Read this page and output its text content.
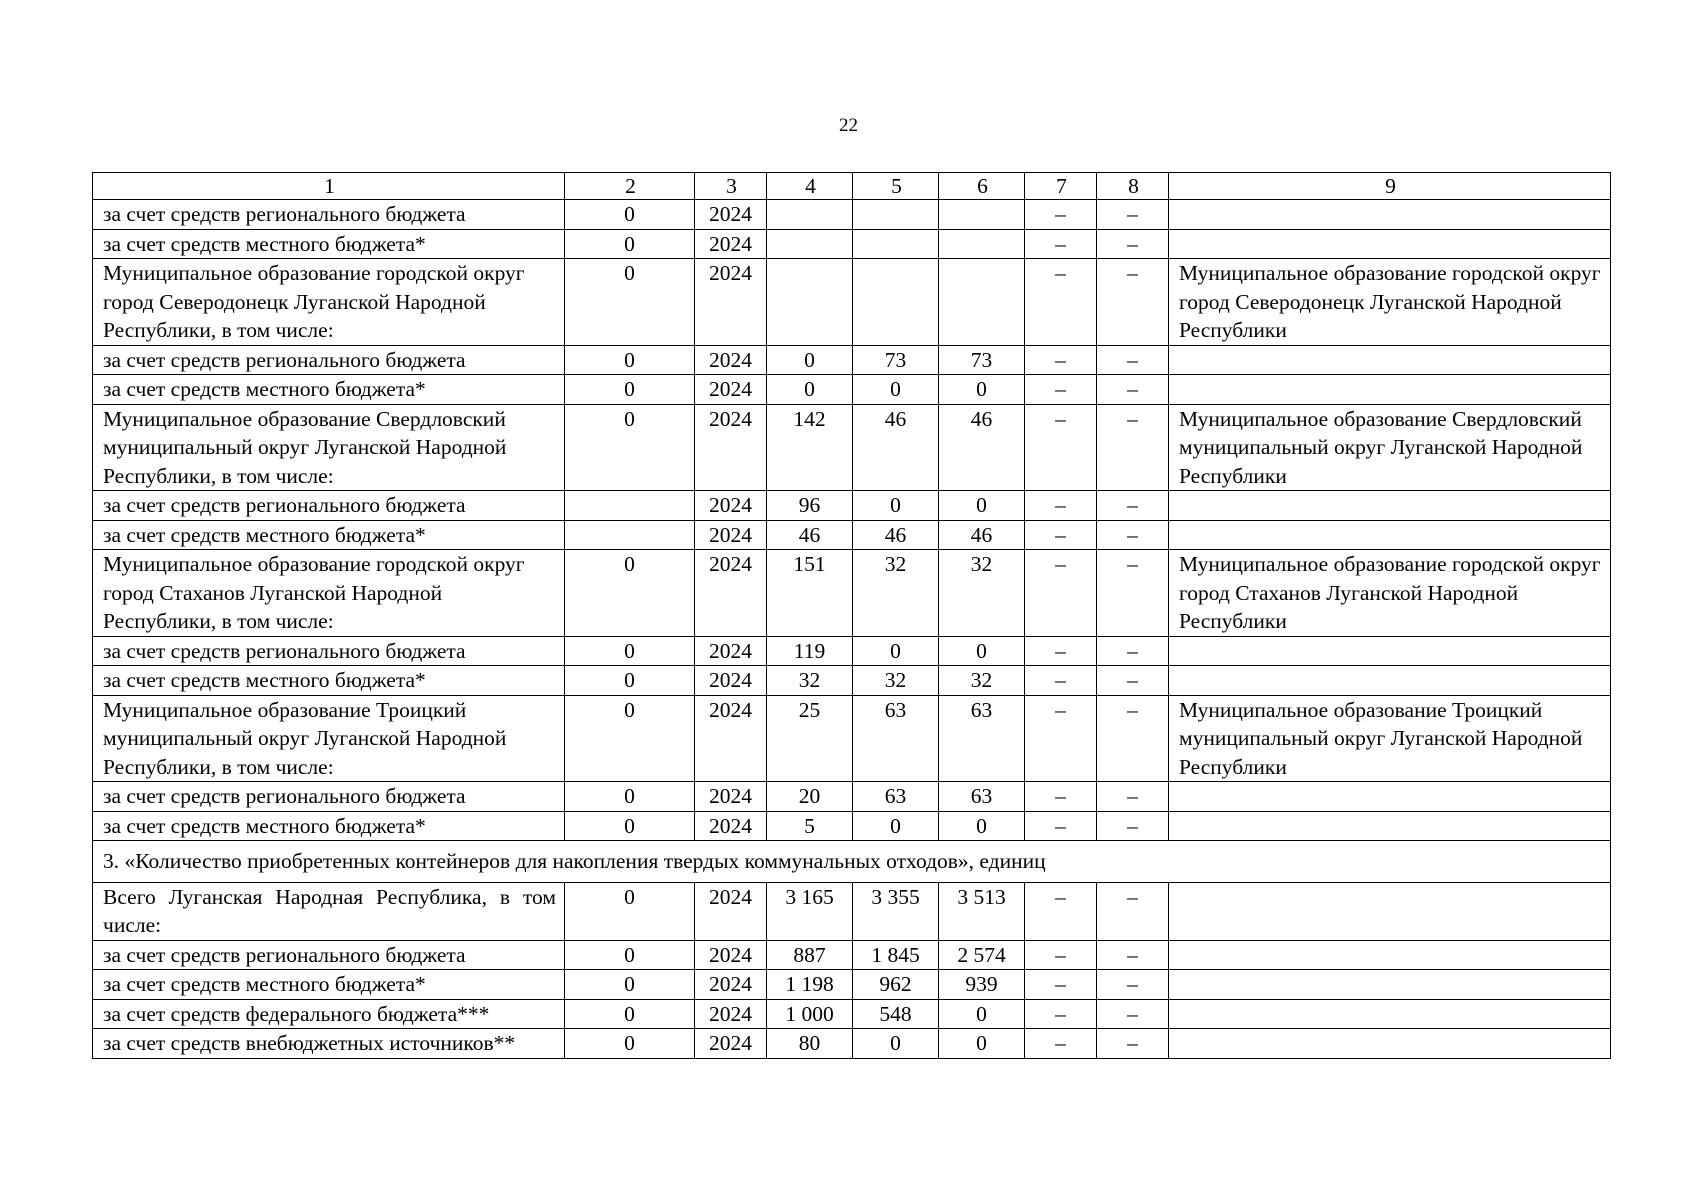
22
1	2	3	4	5	6	7	8	9
за счет средств регионального бюджета	0	2024				–	–	
за счет средств местного бюджета*	0	2024				–	–	
Муниципальное образование городской округ город Северодонецк Луганской Народной Республики, в том числе:	0	2024				–	–	Муниципальное образование городской округ город Северодонецк Луганской Народной Республики
за счет средств регионального бюджета	0	2024	0	73	73	–	–	
за счет средств местного бюджета*	0	2024	0	0	0	–	–	
Муниципальное образование Свердловский муниципальный округ Луганской Народной Республики, в том числе:	0	2024	142	46	46	–	–	Муниципальное образование Свердловский муниципальный округ Луганской Народной Республики
за счет средств регионального бюджета		2024	96	0	0	–	–	
за счет средств местного бюджета*		2024	46	46	46	–	–	
Муниципальное образование городской округ город Стаханов Луганской Народной Республики, в том числе:	0	2024	151	32	32	–	–	Муниципальное образование городской округ город Стаханов Луганской Народной Республики
за счет средств регионального бюджета	0	2024	119	0	0	–	–	
за счет средств местного бюджета*	0	2024	32	32	32	–	–	
Муниципальное образование Троицкий муниципальный округ Луганской Народной Республики, в том числе:	0	2024	25	63	63	–	–	Муниципальное образование Троицкий муниципальный округ Луганской Народной Республики
за счет средств регионального бюджета	0	2024	20	63	63	–	–	
за счет средств местного бюджета*	0	2024	5	0	0	–	–	
3. «Количество приобретенных контейнеров для накопления твердых коммунальных отходов», единиц								
Всего Луганская Народная Республика, в том числе:	0	2024	3 165	3 355	3 513	–	–	
за счет средств регионального бюджета	0	2024	887	1 845	2 574	–	–	
за счет средств местного бюджета*	0	2024	1 198	962	939	–	–	
за счет средств федерального бюджета***	0	2024	1 000	548	0	–	–	
за счет средств внебюджетных источников**	0	2024	80	0	0	–	–	
